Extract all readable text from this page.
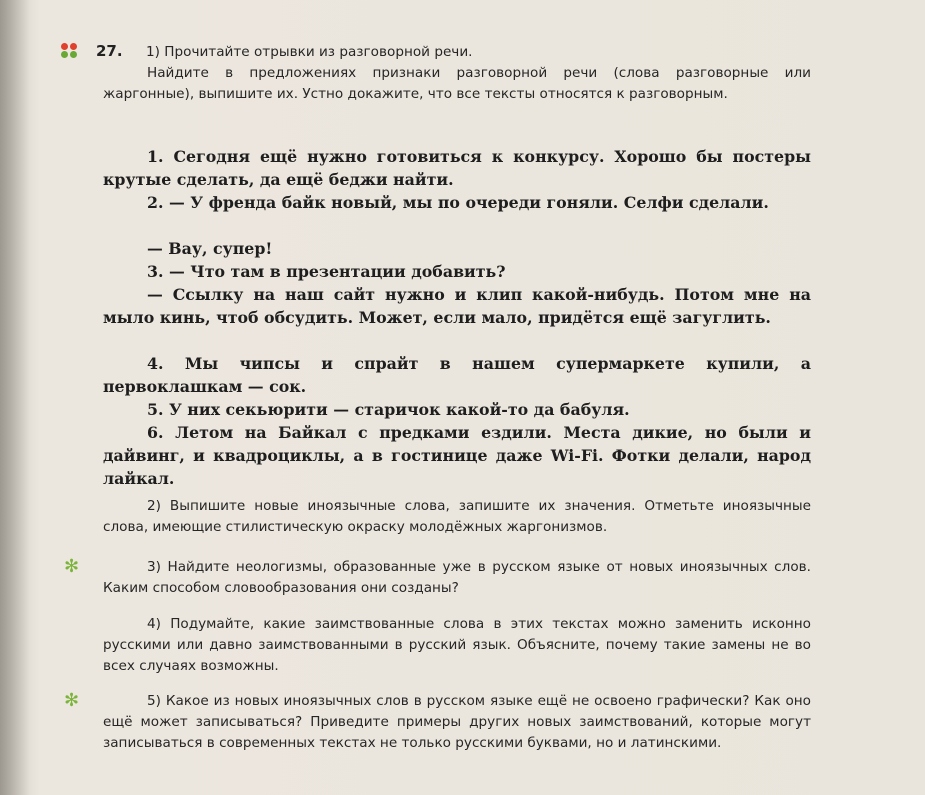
27. 1) Прочитайте отрывки из разговорной речи.

Найдите в предложениях признаки разговорной речи (слова разговорные или жаргонные), выпишите их. Устно докажите, что все тексты относятся к разговорным.

1. Сегодня ещё нужно готовиться к конкурсу. Хорошо бы постеры крутые сделать, да ещё беджи найти.

2. — У френда байк новый, мы по очереди гоняли. Селфи сделали.

— Вау, супер!

3. — Что там в презентации добавить?

— Ссылку на наш сайт нужно и клип какой-нибудь. Потом мне на мыло кинь, чтоб обсудить. Может, если мало, придётся ещё загуглить.

4. Мы чипсы и спрайт в нашем супермаркете купили, а первоклашкам — сок.

5. У них секьюрити — старичок какой-то да бабуля.

6. Летом на Байкал с предками ездили. Места дикие, но были и дайвинг, и квадроциклы, а в гостинице даже Wi-Fi. Фотки делали, народ лайкал.

2) Выпишите новые иноязычные слова, запишите их значения. Отметьте иноязычные слова, имеющие стилистическую окраску молодёжных жаргонизмов.

✻	3) Найдите неологизмы, образованные уже в русском языке от новых иноязычных слов. Каким способом словообразования они созданы?

4) Подумайте, какие заимствованные слова в этих текстах можно заменить исконно русскими или давно заимствованными в русский язык. Объясните, почему такие замены не во всех случаях возможны.

✻	5) Какое из новых иноязычных слов в русском языке ещё не освоено графически? Как оно ещё может записываться? Приведите примеры других новых заимствований, которые могут записываться в современных текстах не только русскими буквами, но и латинскими.
